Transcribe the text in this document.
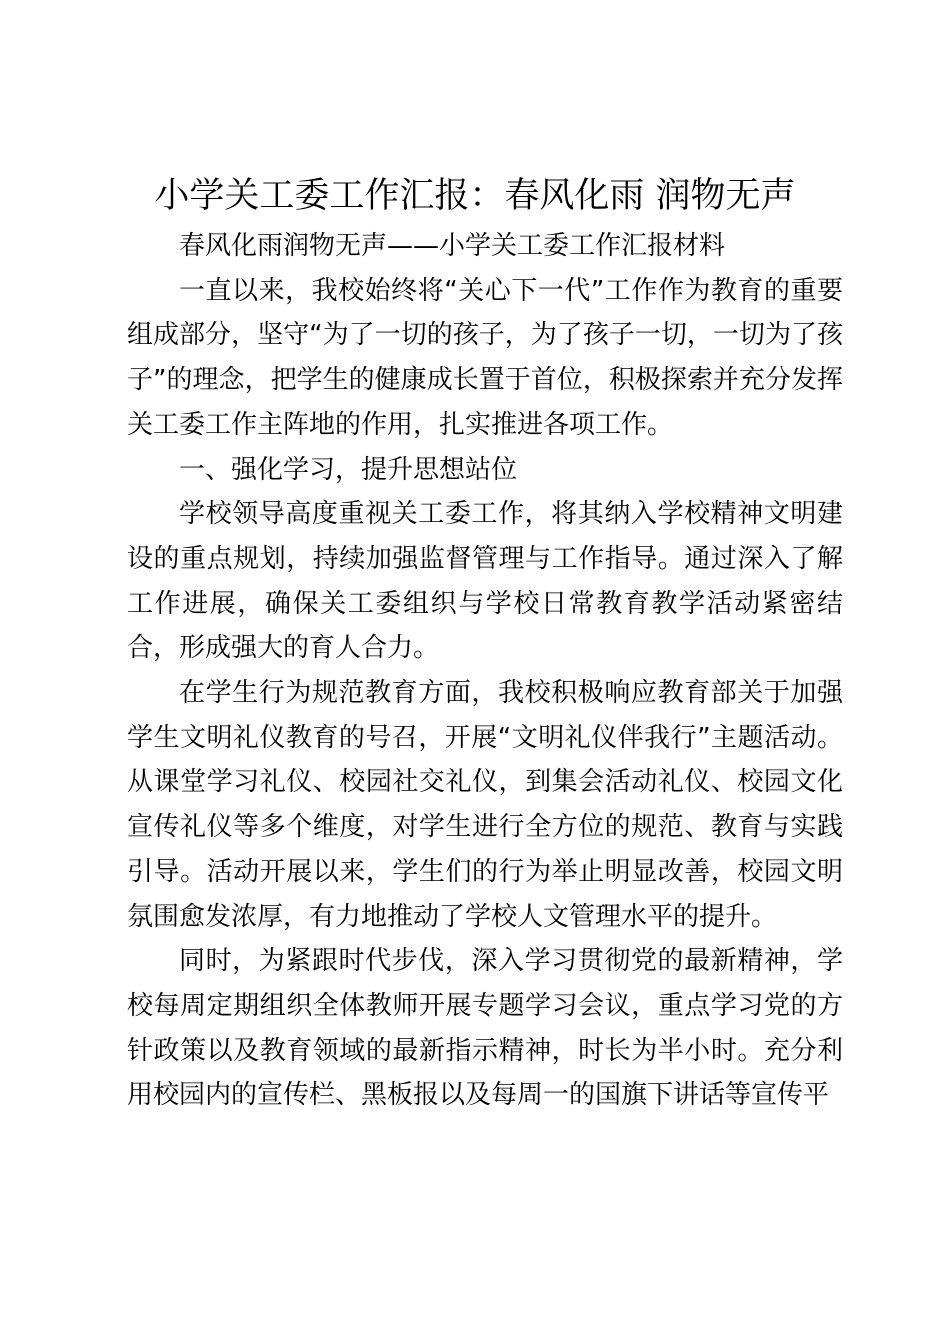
小学关工委工作汇报：春风化雨 润物无声

春风化雨润物无声——小学关工委工作汇报材料

一直以来，我校始终将“关心下一代”工作作为教育的重要组成部分，坚守“为了一切的孩子，为了孩子一切，一切为了孩子”的理念，把学生的健康成长置于首位，积极探索并充分发挥关工委工作主阵地的作用，扎实推进各项工作。

一、强化学习，提升思想站位

学校领导高度重视关工委工作，将其纳入学校精神文明建设的重点规划，持续加强监督管理与工作指导。通过深入了解工作进展，确保关工委组织与学校日常教育教学活动紧密结合，形成强大的育人合力。

在学生行为规范教育方面，我校积极响应教育部关于加强学生文明礼仪教育的号召，开展“文明礼仪伴我行”主题活动。从课堂学习礼仪、校园社交礼仪，到集会活动礼仪、校园文化宣传礼仪等多个维度，对学生进行全方位的规范、教育与实践引导。活动开展以来，学生们的行为举止明显改善，校园文明氛围愈发浓厚，有力地推动了学校人文管理水平的提升。

同时，为紧跟时代步伐，深入学习贯彻党的最新精神，学校每周定期组织全体教师开展专题学习会议，重点学习党的方针政策以及教育领域的最新指示精神，时长为半小时。充分利用校园内的宣传栏、黑板报以及每周一的国旗下讲话等宣传平
